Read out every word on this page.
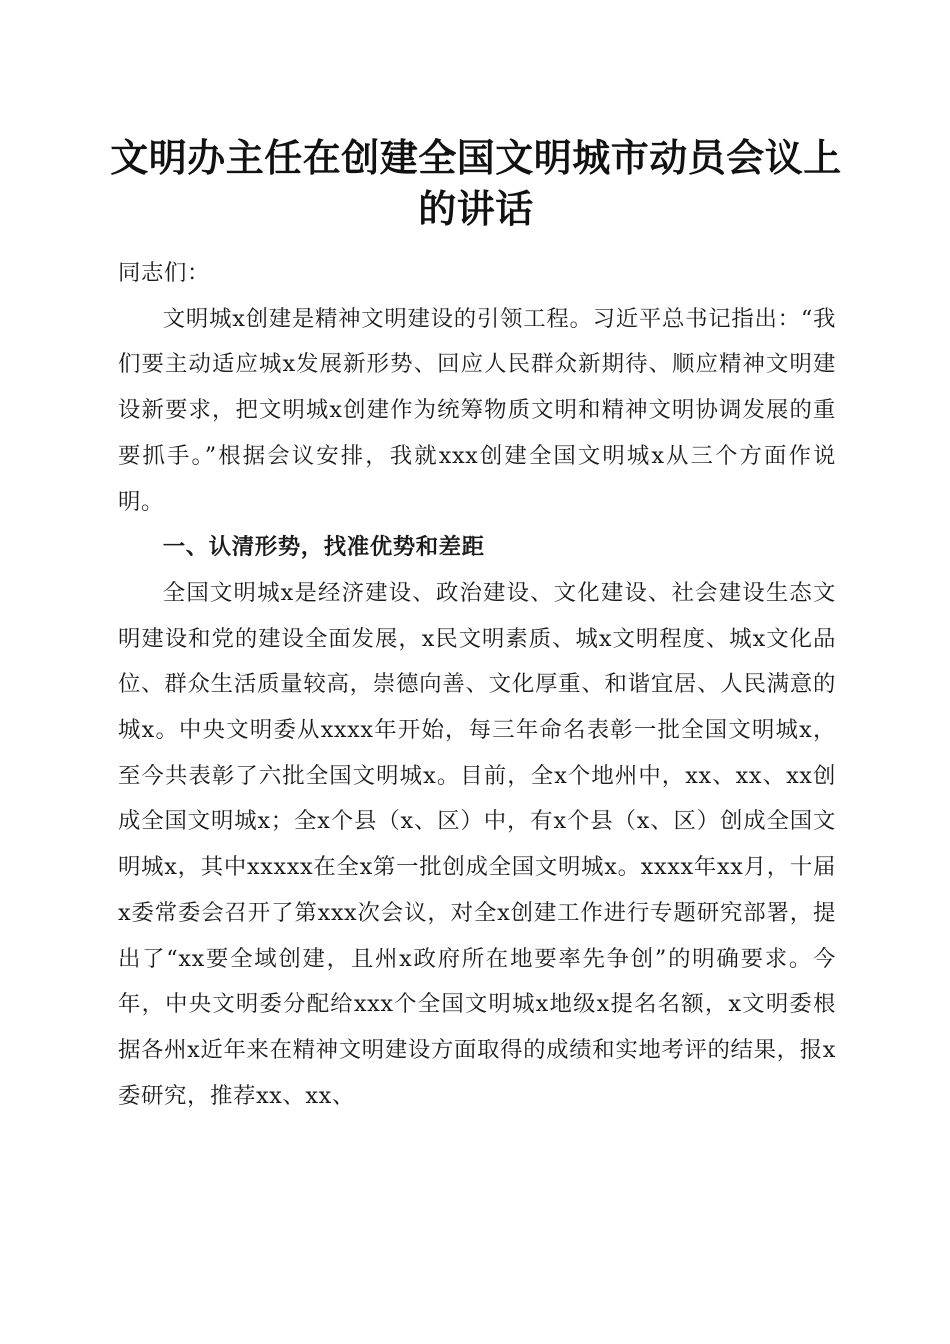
文明办主任在创建全国文明城市动员会议上的讲话

同志们：

文明城x创建是精神文明建设的引领工程。习近平总书记指出：“我们要主动适应城x发展新形势、回应人民群众新期待、顺应精神文明建设新要求，把文明城x创建作为统筹物质文明和精神文明协调发展的重要抓手。”根据会议安排，我就xxx创建全国文明城x从三个方面作说明。

一、认清形势，找准优势和差距

全国文明城x是经济建设、政治建设、文化建设、社会建设生态文明建设和党的建设全面发展，x民文明素质、城x文明程度、城x文化品位、群众生活质量较高，崇德向善、文化厚重、和谐宜居、人民满意的城x。中央文明委从xxxx年开始，每三年命名表彰一批全国文明城x，至今共表彰了六批全国文明城x。目前，全x个地州中，xx、xx、xx创成全国文明城x；全x个县（x、区）中，有x个县（x、区）创成全国文明城x，其中xxxxx在全x第一批创成全国文明城x。xxxx年xx月，十届x委常委会召开了第xxx次会议，对全x创建工作进行专题研究部署，提出了“xx要全域创建，且州x政府所在地要率先争创”的明确要求。今年，中央文明委分配给xxx个全国文明城x地级x提名名额，x文明委根据各州x近年来在精神文明建设方面取得的成绩和实地考评的结果，报x委研究，推荐xx、xx、
